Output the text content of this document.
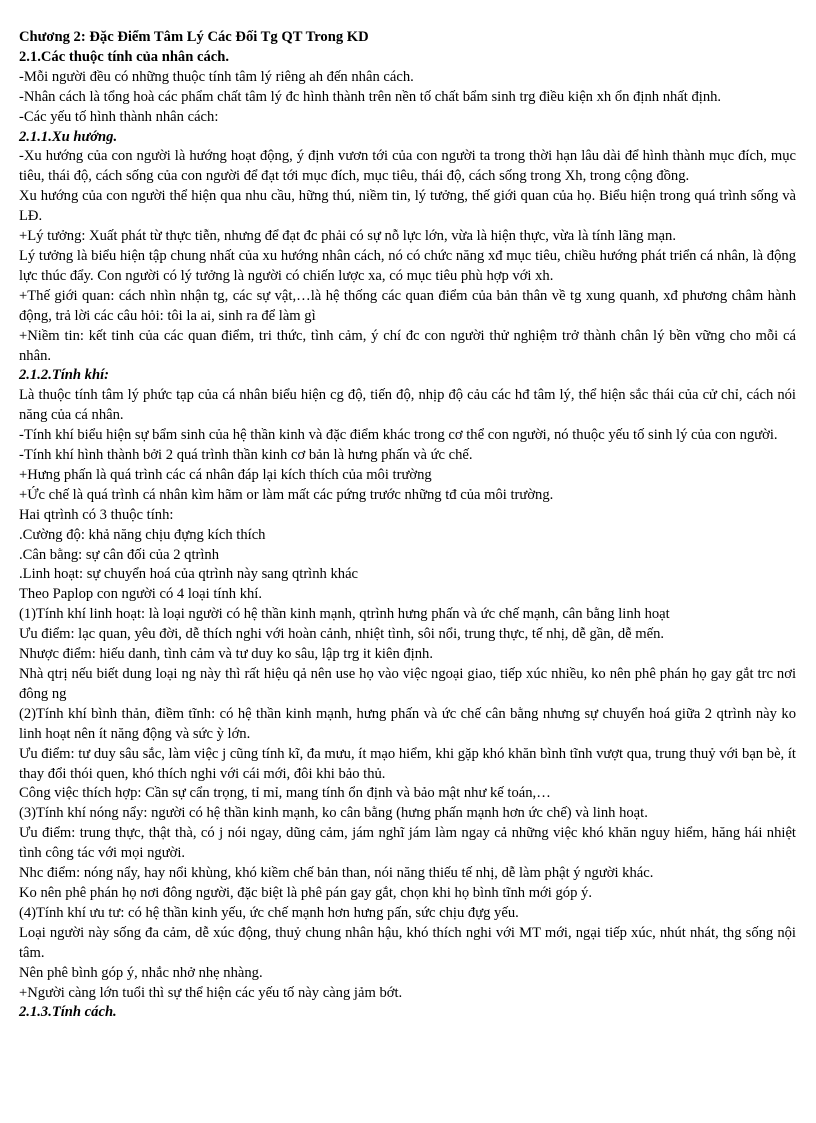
Chương 2: Đặc Điểm Tâm Lý Các Đối Tg QT Trong KD

2.1.Các thuộc tính của nhân cách.

-Mỗi người đều có những thuộc tính tâm lý riêng ah đến nhân cách.

-Nhân cách là tổng hoà các phẩm chất tâm lý đc hình thành trên nền tố chất bẩm sinh trg điều kiện xh ổn định nhất định.

-Các yếu tố hình thành nhân cách:

2.1.1.Xu hướng.

-Xu hướng của con người là hướng hoạt động, ý định vươn tới của con người ta trong thời hạn lâu dài để hình thành mục đích, mục tiêu, thái độ, cách sống của con người để đạt tới mục đích, mục tiêu, thái độ, cách sống trong Xh, trong cộng đồng.

Xu hướng của con người thể hiện qua nhu cầu, hững thú, niềm tin, lý tưởng, thế giới quan của họ. Biểu hiện trong quá trình sống và LĐ.

+Lý tưởng: Xuất phát từ thực tiễn, nhưng để đạt đc phải có sự nỗ lực lớn, vừa là hiện thực, vừa là tính lãng mạn.

Lý tưởng là biểu hiện tập chung nhất của xu hướng nhân cách, nó có chức năng xđ mục tiêu, chiều hướng phát triển cá nhân, là động lực thúc đẩy. Con người có lý tưởng là người có chiến lược xa, có mục tiêu phù hợp với xh.

+Thế giới quan: cách nhìn nhận tg, các sự vật,…là hệ thống các quan điểm của bản thân về tg xung quanh, xđ phương châm hành động, trả lời các câu hỏi: tôi la ai, sinh ra để làm gì

+Niềm tin: kết tinh của các quan điểm, tri thức, tình cảm, ý chí đc con người thử nghiệm trở thành chân lý bền vững cho mỗi cá nhân.

2.1.2.Tính khí:

Là thuộc tính tâm lý phức tạp của cá nhân biểu hiện cg độ, tiến độ, nhịp độ cảu các hđ tâm lý, thể hiện sắc thái của cử chỉ, cách nói năng của cá nhân.

-Tính khí biểu hiện sự bẩm sinh của hệ thần kinh và đặc điểm khác trong cơ thể con người, nó thuộc yếu tố sinh lý của con người.

-Tính khí hình thành bởi 2 quá trình thần kinh cơ bản là hưng phấn và ức chế.

+Hưng phấn là quá trình các cá nhân đáp lại kích thích của môi trường

+Ức chế là quá trình cá nhân kìm hãm or làm mất các pứng trước những tđ của môi trường.

Hai qtrình có 3 thuộc tính:

.Cường độ: khả năng chịu đựng kích thích

.Cân bằng: sự cân đối của 2 qtrình

.Linh hoạt: sự chuyển hoá của qtrình này sang qtrình khác

Theo Paplop con người có 4 loại tính khí.

(1)Tính khí linh hoạt: là loại người có hệ thần kinh mạnh, qtrình hưng phấn và ức chế mạnh, cân bằng linh hoạt

Ưu điểm: lạc quan, yêu đời, dễ thích nghi với hoàn cảnh, nhiệt tình, sôi nổi, trung thực, tế nhị, dễ gần, dễ mến.

Nhược điểm: hiếu danh, tình cảm và tư duy ko sâu, lập trg it kiên định.

Nhà qtrị nếu biết dung loại ng này thì rất hiệu qả nên use họ vào việc ngoại giao, tiếp xúc nhiều, ko nên phê phán họ gay gắt trc nơi đông ng

(2)Tính khí bình thản, điềm tĩnh: có hệ thần kinh mạnh, hưng phấn và ức chế cân bằng nhưng sự chuyển hoá giữa 2 qtrình này ko linh hoạt nên ít năng động và sức ỳ lớn.

Ưu điểm: tư duy sâu sắc, làm việc j cũng tính kĩ, đa mưu, ít mạo hiểm, khi gặp khó khăn bình tĩnh vượt qua, trung thuỷ với bạn bè, ít thay đổi thói quen, khó thích nghi với cái mới, đôi khi bảo thủ.

Công việc thích hợp: Cần sự cẩn trọng, tỉ mỉ, mang tính ổn định và bảo mật như kế toán,…

(3)Tính khí nóng nẩy: người có hệ thần kinh mạnh, ko cân bằng (hưng phấn mạnh hơn ức chế) và linh hoạt.

Ưu điểm: trung thực, thật thà, có j nói ngay, dũng cảm, jám nghĩ jám làm ngay cả những việc khó khăn nguy hiểm, hăng hái nhiệt tình công tác với mọi người.

Nhc điểm: nóng nẩy, hay nổi khùng, khó kiềm chế bản than, nói năng thiếu tế nhị, dễ làm phật ý người khác.

Ko nên phê phán họ nơi đông người, đặc biệt là phê pán gay gắt, chọn khi họ bình tĩnh mới góp ý.

(4)Tính khí ưu tư: có hệ thần kinh yếu, ức chế mạnh hơn hưng pấn, sức chịu đựg yếu.

Loại người này sống đa cảm, dễ xúc động, thuỷ chung nhân hậu, khó thích nghi với MT mới, ngại tiếp xúc, nhút nhát, thg sống nội tâm.

Nên phê bình góp ý, nhắc nhở nhẹ nhàng.

+Người càng lớn tuổi thì sự thể hiện các yếu tố này càng jảm bớt.

2.1.3.Tính cách.
